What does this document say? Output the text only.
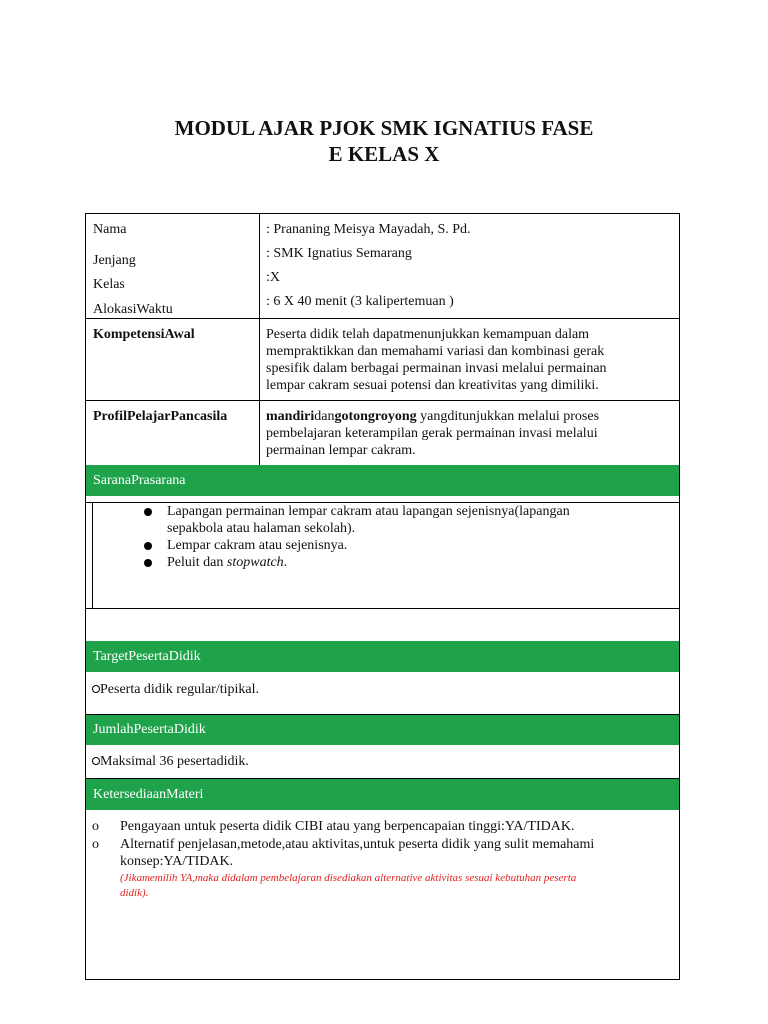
MODUL AJAR PJOK SMK IGNATIUS FASE
E KELAS X
Nama
Jenjang
Kelas
AlokasiWaktu
: Prananing Meisya Mayadah, S. Pd.
: SMK Ignatius Semarang
:X
: 6 X 40 menit (3 kalipertemuan )
KompetensiAwal	Peserta didik telah dapatmenunjukkan kemampuan dalam
mempraktikkan dan memahami variasi dan kombinasi gerak
spesifik dalam berbagai permainan invasi melalui permainan
lempar cakram sesuai potensi dan kreativitas yang dimiliki.
ProfilPelajarPancasila	mandiridangotongroyong yangditunjukkan melalui proses
pembelajaran keterampilan gerak permainan invasi melalui
permainan lempar cakram.
SaranaPrasarana
Lapangan permainan lempar cakram atau lapangan sejenisnya(lapangan
sepakbola atau halaman sekolah).
Lempar cakram atau sejenisnya.
Peluit dan stopwatch.
TargetPesertaDidik
Peserta didik regular/tipikal.
JumlahPesertaDidik
Maksimal 36 pesertadidik.
KetersediaanMateri
o Pengayaan untuk peserta didik CIBI atau yang berpencapaian tinggi:YA/TIDAK.
o Alternatif penjelasan,metode,atau aktivitas,untuk peserta didik yang sulit memahami
konsep:YA/TIDAK.
(Jikamemilih YA,maka didalam pembelajaran disediakan alternative aktivitas sesuai kebutuhan peserta
didik).
